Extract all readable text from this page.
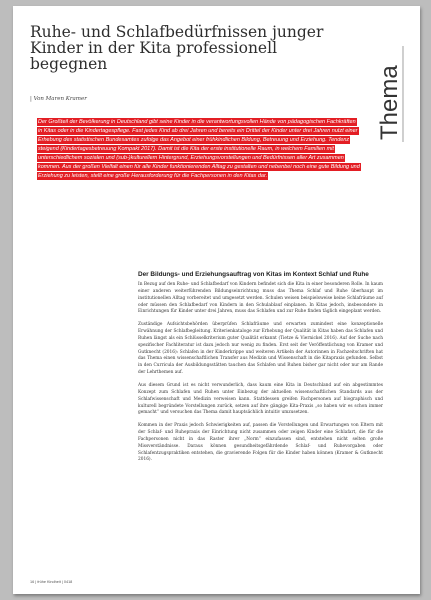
Ruhe- und Schlafbedürfnissen junger Kinder in der Kita professionell begegnen
| Von Maren Kramer	Thema

Der Großteil der Bevölkerung in Deutschland gibt seine Kinder in die verantwortungsvollen Hände von pädagogischen Fachkräften in Kitas oder in die Kindertagespflege. Fast jedes Kind ab drei Jahren und bereits ein Drittel der Kinder unter drei Jahren nutzt einer Erhebung des statistischen Bundesamtes zufolge das Angebot einer frühkindlichen Bildung, Betreuung und Erziehung. Tendenz steigend (Kindertagesbetreuung Kompakt 2017). Damit ist die Kita der erste institutionelle Raum, in welchem Familien mit unterschiedlichem sozialen und (sub-)kulturellem Hintergrund, Erziehungsvorstellungen und Bedürfnissen aller Art zusammen kommen. Aus der großen Vielfalt einen für alle Kinder funktionierenden Alltag zu gestalten und nebenbei noch eine gute Bildung und Erziehung zu leisten, stellt eine große Herausforderung für die Fachpersonen in den Kitas dar.

Der Bildungs- und Erziehungsauftrag von Kitas im Kontext Schlaf und Ruhe

In Bezug auf den Ruhe- und Schlafbedarf von Kindern befindet sich die Kita in einer besonderen Rolle. In kaum einer anderen weiterführenden Bildungseinrichtung muss das Thema Schlaf und Ruhe überhaupt im institutionellen Alltag vorbereitet und umgesetzt werden. Schulen weisen beispielsweise keine Schlafräume auf oder müssen den Schlafbedarf von Kindern in den Schulablauf einplanen. In Kitas jedoch, insbesondere in Einrichtungen für Kinder unter drei Jahren, muss das Schlafen und zur Ruhe finden täglich eingeplant werden.

Zuständige Aufsichtsbehörden überprüfen Schlafräume und erwarten zumindest eine konzeptionelle Erwähnung der Schlafbegleitung. Kriterienkataloge zur Erhebung der Qualität in Kitas haben das Schlafen und Ruhen längst als ein Schlüsselkriterium guter Qualität erkannt (Tietze & Viernickel 2016). Auf der Suche nach spezifischer Fachliteratur ist dazu jedoch nur wenig zu finden. Erst seit der Veröffentlichung von Kramer und Gutknecht (2016): Schlafen in der Kinderkrippe und weiteren Artikeln der Autorinnen in Fachzeitschriften hat das Thema einen wissenschaftlichen Transfer aus Medizin und Wissenschaft in die Kitapraxis gefunden. Selbst in den Curricula der Ausbildungsstätten tauchen das Schlafen und Ruhen bisher gar nicht oder nur am Rande der Lehrthemen auf.

Aus diesem Grund ist es nicht verwunderlich, dass kaum eine Kita in Deutschland auf ein abgestimmtes Konzept zum Schlafen und Ruhen unter Einbezug der aktuellen wissenschaftlichen Standards aus der Schlafwissenschaft und Medizin verweisen kann. Stattdessen greifen Fachpersonen auf biographisch und kulturell begründete Vorstellungen zurück, setzen auf ihre gängige Kita-Praxis „so haben wir es schon immer gemacht“ und versuchen das Thema damit hauptsächlich intuitiv umzusetzen.

Kommen in der Praxis jedoch Schwierigkeiten auf, passen die Vorstellungen und Erwartungen von Eltern mit der Schlaf- und Ruhepraxis der Einrichtung nicht zusammen oder zeigen Kinder eine Schlafart, die für die Fachpersonen nicht in das Raster ihrer „Norm“ einzufassen sind, entstehen nicht selten große Missverständnisse. Daraus können gesundheitsgefährdende Schlaf- und Ruhevorgaben oder Schlafentzugspraktiken entstehen, die gravierende Folgen für die Kinder haben können (Kramer & Gutknecht 2016).

16 | frühe Kindheit | 0418
